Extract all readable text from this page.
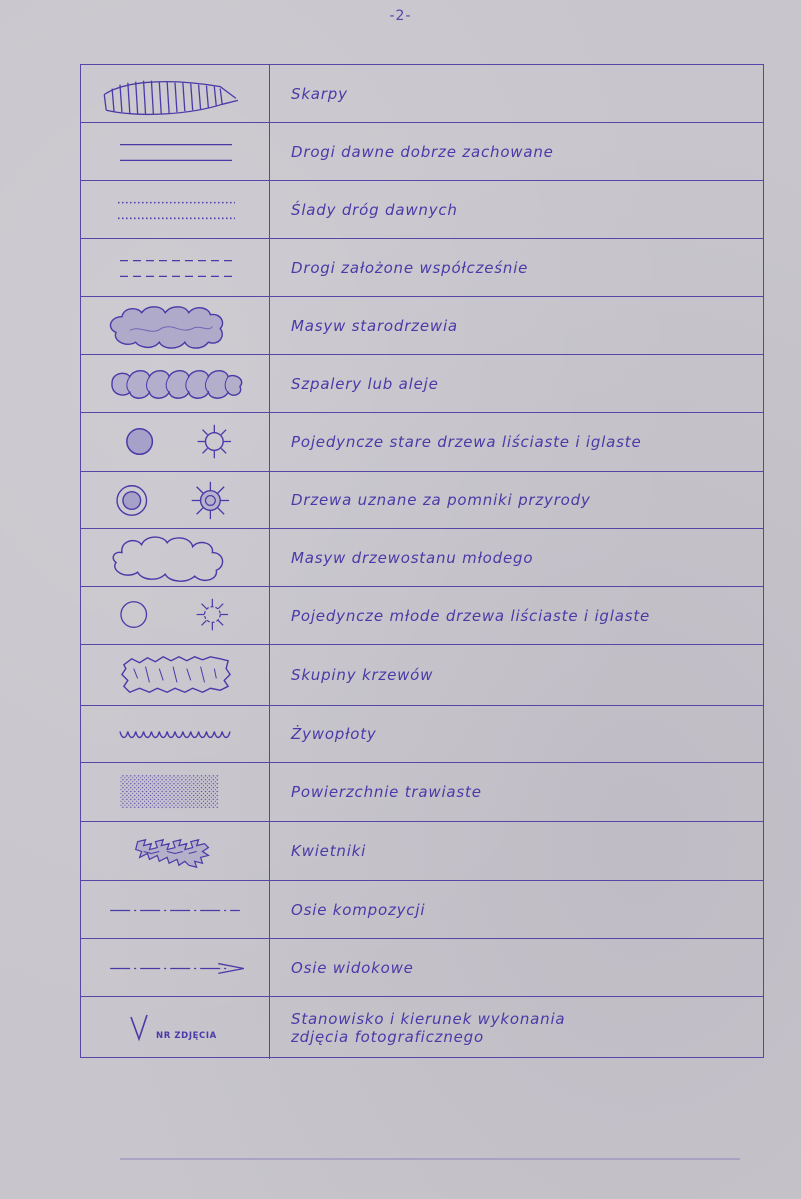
-2-
Skarpy
Drogi dawne dobrze zachowane
Ślady dróg dawnych
Drogi założone współcześnie
Masyw starodrzewia
Szpalery lub aleje
Pojedyncze stare drzewa liściaste i iglaste
Drzewa uznane za pomniki przyrody
Masyw drzewostanu młodego
Pojedyncze młode drzewa liściaste i iglaste
Skupiny krzewów
Żywopłoty
Powierzchnie trawiaste
Kwietniki
Osie kompozycji
Osie widokowe
NR ZDJĘCIA
Stanowisko i kierunek wykonania
zdjęcia fotograficznego
